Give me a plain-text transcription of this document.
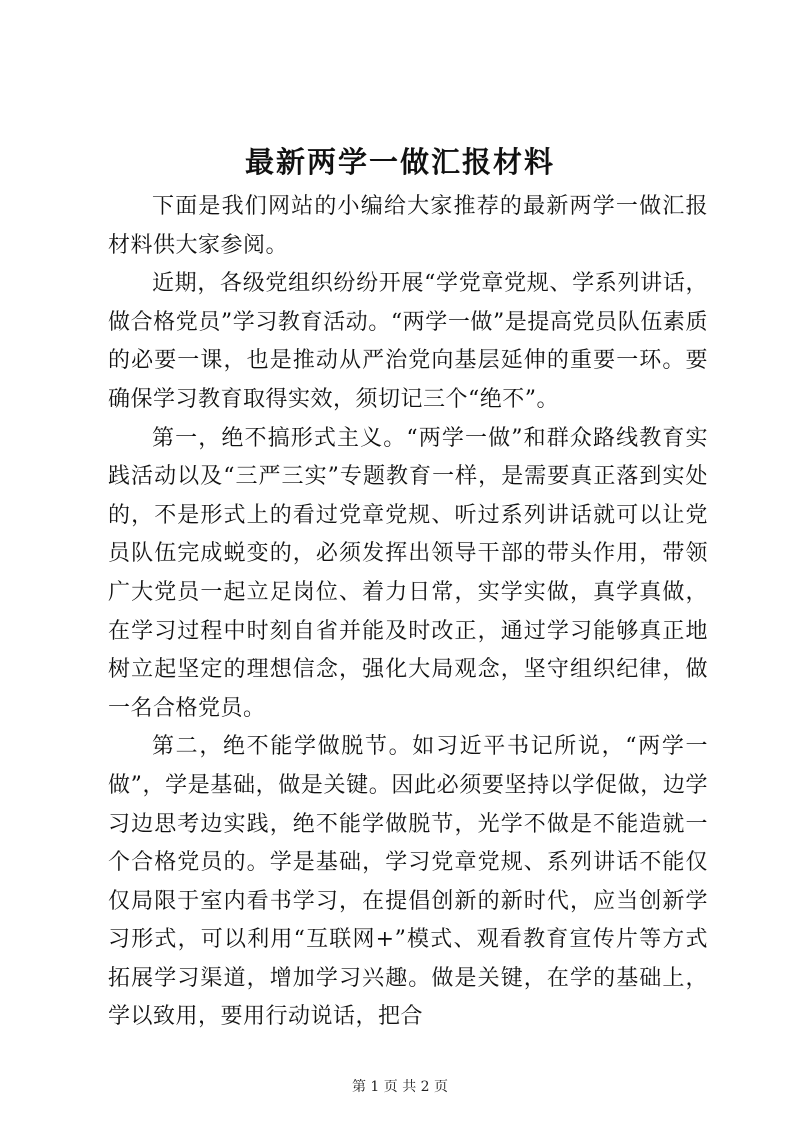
最新两学一做汇报材料

下面是我们网站的小编给大家推荐的最新两学一做汇报材料供大家参阅。

近期，各级党组织纷纷开展“学党章党规、学系列讲话，做合格党员”学习教育活动。“两学一做”是提高党员队伍素质的必要一课，也是推动从严治党向基层延伸的重要一环。要确保学习教育取得实效，须切记三个“绝不”。

第一，绝不搞形式主义。“两学一做”和群众路线教育实践活动以及“三严三实”专题教育一样，是需要真正落到实处的，不是形式上的看过党章党规、听过系列讲话就可以让党员队伍完成蜕变的，必须发挥出领导干部的带头作用，带领广大党员一起立足岗位、着力日常，实学实做，真学真做，在学习过程中时刻自省并能及时改正，通过学习能够真正地树立起坚定的理想信念，强化大局观念，坚守组织纪律，做一名合格党员。

第二，绝不能学做脱节。如习近平书记所说，“两学一做”，学是基础，做是关键。因此必须要坚持以学促做，边学习边思考边实践，绝不能学做脱节，光学不做是不能造就一个合格党员的。学是基础，学习党章党规、系列讲话不能仅仅局限于室内看书学习，在提倡创新的新时代，应当创新学习形式，可以利用“互联网+”模式、观看教育宣传片等方式拓展学习渠道，增加学习兴趣。做是关键，在学的基础上，学以致用，要用行动说话，把合

第 1 页 共 2 页
